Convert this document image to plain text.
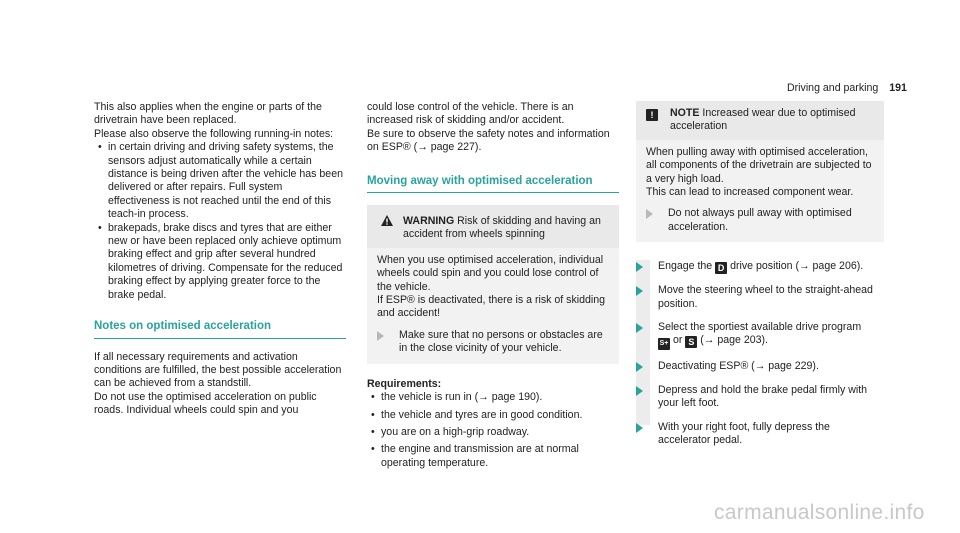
Driving and parking 191

This also applies when the engine or parts of the drivetrain have been replaced.

Please also observe the following running-in notes:

• in certain driving and driving safety systems, the sensors adjust automatically while a certain distance is being driven after the vehicle has been delivered or after repairs. Full system effectiveness is not reached until the end of this teach-in process.
• brakepads, brake discs and tyres that are either new or have been replaced only achieve optimum braking effect and grip after several hundred kilometres of driving. Compensate for the reduced braking effect by applying greater force to the brake pedal.
Notes on optimised acceleration

If all necessary requirements and activation conditions are fulfilled, the best possible acceleration can be achieved from a standstill.

Do not use the optimised acceleration on public roads. Individual wheels could spin and you

could lose control of the vehicle. There is an increased risk of skidding and/or accident.

Be sure to observe the safety notes and information on ESP® (→ page 227).

Moving away with optimised acceleration
WARNING Risk of skidding and having an accident from wheels spinning

When you use optimised acceleration, individual wheels could spin and you could lose control of the vehicle.

If ESP® is deactivated, there is a risk of skidding and accident!

Make sure that no persons or obstacles are in the close vicinity of your vehicle.

Requirements:

• the vehicle is run in (→ page 190).
• the vehicle and tyres are in good condition.
• you are on a high-grip roadway.
• the engine and transmission are at normal operating temperature.
!	NOTE Increased wear due to optimised acceleration

When pulling away with optimised acceleration, all components of the drivetrain are subjected to a very high load.

This can lead to increased component wear.

Do not always pull away with optimised acceleration.
Engage the D drive position (→ page 206).
Move the steering wheel to the straight-ahead position.
Select the sportiest available drive program
S+ or S (→ page 203).
Deactivating ESP® (→ page 229).
Depress and hold the brake pedal firmly with your left foot.
With your right foot, fully depress the accelerator pedal.
carmanualsonline.info
